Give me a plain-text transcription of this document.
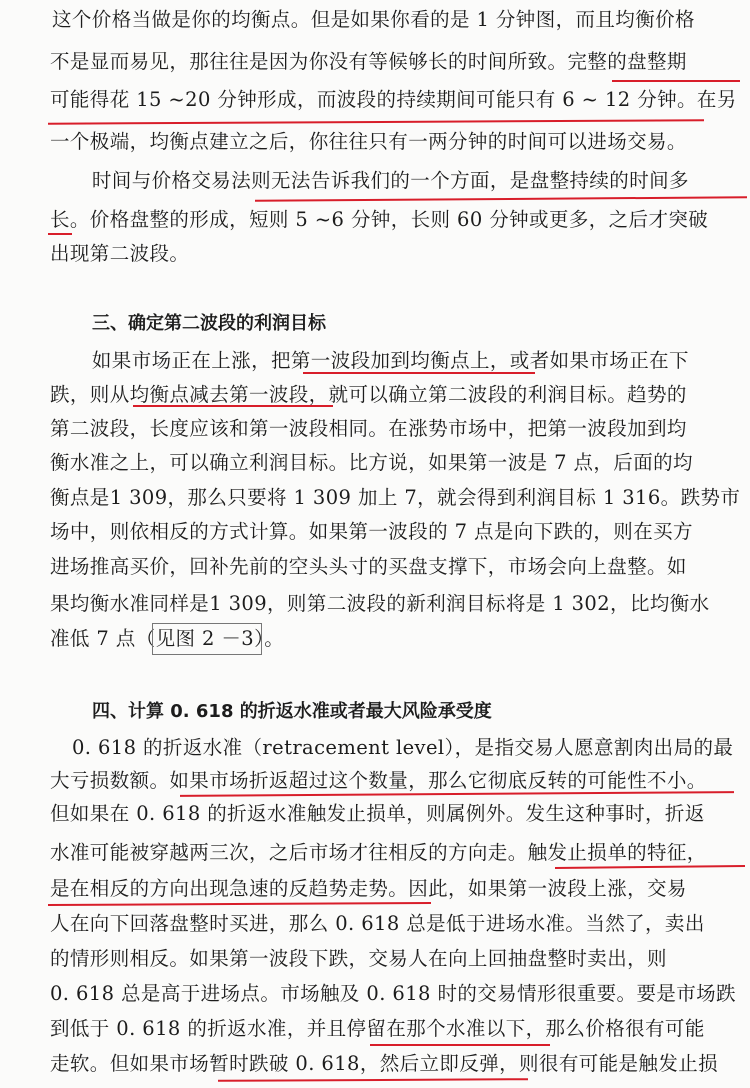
这个价格当做是你的均衡点。但是如果你看的是 1 分钟图，而且均衡价格
不是显而易见，那往往是因为你没有等候够长的时间所致。完整的盘整期
可能得花 15 ~20 分钟形成，而波段的持续期间可能只有 6 ~ 12 分钟。在另
一个极端，均衡点建立之后，你往往只有一两分钟的时间可以进场交易。
　时间与价格交易法则无法告诉我们的一个方面，是盘整持续的时间多
长。价格盘整的形成，短则 5 ~6 分钟，长则 60 分钟或更多，之后才突破
出现第二波段。
三、确定第二波段的利润目标
　如果市场正在上涨，把第一波段加到均衡点上，或者如果市场正在下
跌，则从均衡点减去第一波段，就可以确立第二波段的利润目标。趋势的
第二波段，长度应该和第一波段相同。在涨势市场中，把第一波段加到均
衡水准之上，可以确立利润目标。比方说，如果第一波是 7 点，后面的均
衡点是1 309，那么只要将 1 309 加上 7，就会得到利润目标 1 316。跌势市
场中，则依相反的方式计算。如果第一波段的 7 点是向下跌的，则在买方
进场推高买价，回补先前的空头头寸的买盘支撑下，市场会向上盘整。如
果均衡水准同样是1 309，则第二波段的新利润目标将是 1 302，比均衡水
准低 7 点（见图 2 －3）。
四、计算 0. 618 的折返水准或者最大风险承受度
0. 618 的折返水准（retracement level），是指交易人愿意割肉出局的最
大亏损数额。如果市场折返超过这个数量，那么它彻底反转的可能性不小。
但如果在 0. 618 的折返水准触发止损单，则属例外。发生这种事时，折返
水准可能被穿越两三次，之后市场才往相反的方向走。触发止损单的特征，
是在相反的方向出现急速的反趋势走势。因此，如果第一波段上涨，交易
人在向下回落盘整时买进，那么 0. 618 总是低于进场水准。当然了，卖出
的情形则相反。如果第一波段下跌，交易人在向上回抽盘整时卖出，则
0. 618 总是高于进场点。市场触及 0. 618 时的交易情形很重要。要是市场跌
到低于 0. 618 的折返水准，并且停留在那个水准以下，那么价格很有可能
走软。但如果市场暂时跌破 0. 618，然后立即反弹，则很有可能是触发止损
